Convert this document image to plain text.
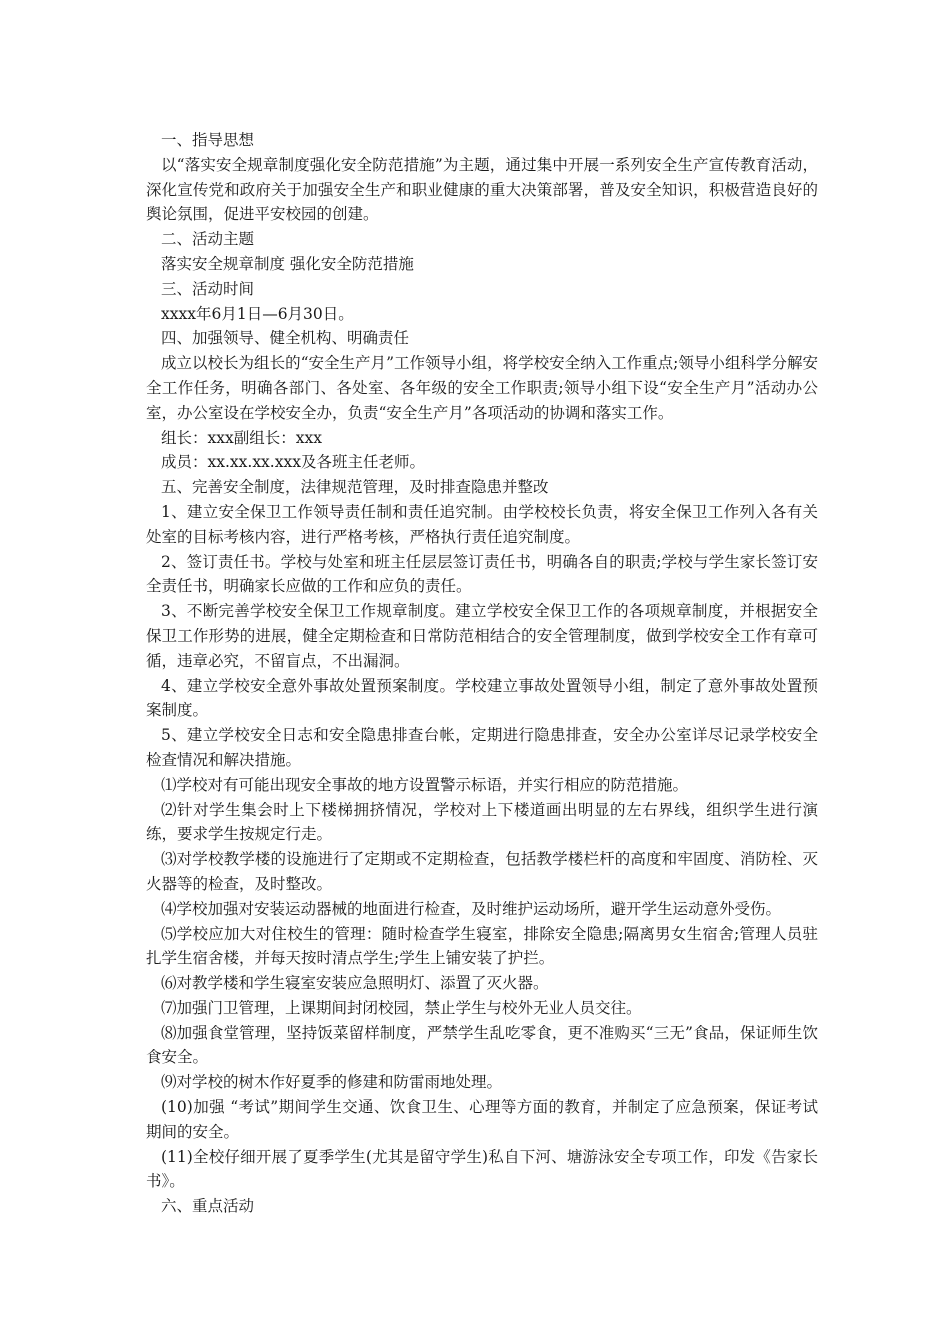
一、指导思想

以“落实安全规章制度强化安全防范措施”为主题，通过集中开展一系列安全生产宣传教育活动，深化宣传党和政府关于加强安全生产和职业健康的重大决策部署，普及安全知识，积极营造良好的舆论氛围，促进平安校园的创建。

二、活动主题

落实安全规章制度 强化安全防范措施

三、活动时间

xxxx年6月1日—6月30日。

四、加强领导、健全机构、明确责任

成立以校长为组长的“安全生产月”工作领导小组，将学校安全纳入工作重点;领导小组科学分解安全工作任务，明确各部门、各处室、各年级的安全工作职责;领导小组下设“安全生产月”活动办公室，办公室设在学校安全办，负责“安全生产月”各项活动的协调和落实工作。

组长：xxx副组长：xxx

成员：xx.xx.xx.xxx及各班主任老师。

五、完善安全制度，法律规范管理，及时排查隐患并整改

1、建立安全保卫工作领导责任制和责任追究制。由学校校长负责，将安全保卫工作列入各有关处室的目标考核内容，进行严格考核，严格执行责任追究制度。

2、签订责任书。学校与处室和班主任层层签订责任书，明确各自的职责;学校与学生家长签订安全责任书，明确家长应做的工作和应负的责任。

3、不断完善学校安全保卫工作规章制度。建立学校安全保卫工作的各项规章制度，并根据安全保卫工作形势的进展，健全定期检查和日常防范相结合的安全管理制度，做到学校安全工作有章可循，违章必究，不留盲点，不出漏洞。

4、建立学校安全意外事故处置预案制度。学校建立事故处置领导小组，制定了意外事故处置预案制度。

5、建立学校安全日志和安全隐患排查台帐，定期进行隐患排查，安全办公室详尽记录学校安全检查情况和解决措施。

⑴学校对有可能出现安全事故的地方设置警示标语，并实行相应的防范措施。

⑵针对学生集会时上下楼梯拥挤情况，学校对上下楼道画出明显的左右界线，组织学生进行演练，要求学生按规定行走。

⑶对学校教学楼的设施进行了定期或不定期检查，包括教学楼栏杆的高度和牢固度、消防栓、灭火器等的检查，及时整改。

⑷学校加强对安装运动器械的地面进行检查，及时维护运动场所，避开学生运动意外受伤。

⑸学校应加大对住校生的管理：随时检查学生寝室，排除安全隐患;隔离男女生宿舍;管理人员驻扎学生宿舍楼，并每天按时清点学生;学生上铺安装了护拦。

⑹对教学楼和学生寝室安装应急照明灯、添置了灭火器。

⑺加强门卫管理，上课期间封闭校园，禁止学生与校外无业人员交往。

⑻加强食堂管理，坚持饭菜留样制度，严禁学生乱吃零食，更不准购买“三无”食品，保证师生饮食安全。

⑼对学校的树木作好夏季的修建和防雷雨地处理。

(10)加强 “考试”期间学生交通、饮食卫生、心理等方面的教育，并制定了应急预案，保证考试期间的安全。

(11)全校仔细开展了夏季学生(尤其是留守学生)私自下河、塘游泳安全专项工作，印发《告家长书》。

六、重点活动
